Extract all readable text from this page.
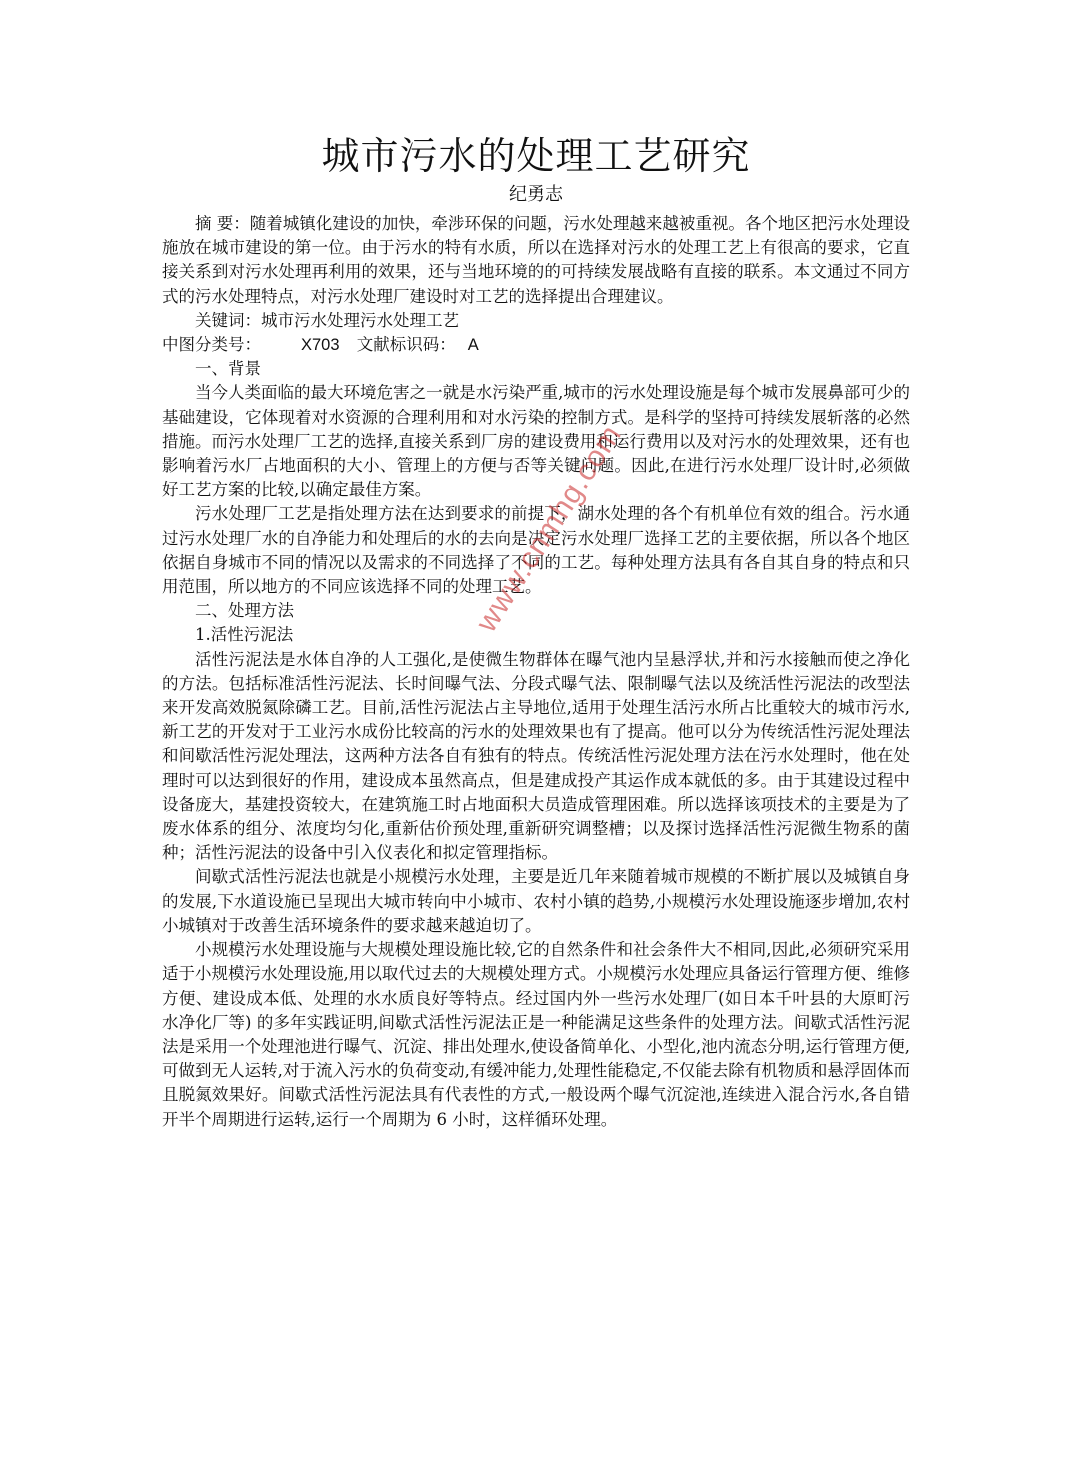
城市污水的处理工艺研究
纪勇志

摘 要：随着城镇化建设的加快，牵涉环保的问题，污水处理越来越被重视。各个地区把污水处理设施放在城市建设的第一位。由于污水的特有水质，所以在选择对污水的处理工艺上有很高的要求，它直接关系到对污水处理再利用的效果，还与当地环境的的可持续发展战略有直接的联系。本文通过不同方式的污水处理特点，对污水处理厂建设时对工艺的选择提出合理建议。

关键词：城市污水处理污水处理工艺

中图分类号： X703 文献标识码： A

一、背景

当今人类面临的最大环境危害之一就是水污染严重,城市的污水处理设施是每个城市发展鼻部可少的基础建设，它体现着对水资源的合理利用和对水污染的控制方式。是科学的坚持可持续发展斩落的必然措施。而污水处理厂工艺的选择,直接关系到厂房的建设费用和运行费用以及对污水的处理效果，还有也影响着污水厂占地面积的大小、管理上的方便与否等关键问题。因此,在进行污水处理厂设计时,必须做好工艺方案的比较,以确定最佳方案。

污水处理厂工艺是指处理方法在达到要求的前提下，湖水处理的各个有机单位有效的组合。污水通过污水处理厂水的自净能力和处理后的水的去向是决定污水处理厂选择工艺的主要依据，所以各个地区依据自身城市不同的情况以及需求的不同选择了不同的工艺。每种处理方法具有各自其自身的特点和只用范围，所以地方的不同应该选择不同的处理工艺。

二、处理方法

1.活性污泥法

活性污泥法是水体自净的人工强化,是使微生物群体在曝气池内呈悬浮状,并和污水接触而使之净化的方法。包括标准活性污泥法、长时间曝气法、分段式曝气法、限制曝气法以及统活性污泥法的改型法来开发高效脱氮除磷工艺。目前,活性污泥法占主导地位,适用于处理生活污水所占比重较大的城市污水,新工艺的开发对于工业污水成份比较高的污水的处理效果也有了提高。他可以分为传统活性污泥处理法和间歇活性污泥处理法，这两种方法各自有独有的特点。传统活性污泥处理方法在污水处理时，他在处理时可以达到很好的作用，建设成本虽然高点，但是建成投产其运作成本就低的多。由于其建设过程中设备庞大，基建投资较大，在建筑施工时占地面积大员造成管理困难。所以选择该项技术的主要是为了废水体系的组分、浓度均匀化,重新估价预处理,重新研究调整槽；以及探讨选择活性污泥微生物系的菌种；活性污泥法的设备中引入仪表化和拟定管理指标。

间歇式活性污泥法也就是小规模污水处理，主要是近几年来随着城市规模的不断扩展以及城镇自身的发展,下水道设施已呈现出大城市转向中小城市、农村小镇的趋势,小规模污水处理设施逐步增加,农村小城镇对于改善生活环境条件的要求越来越迫切了。

小规模污水处理设施与大规模处理设施比较,它的自然条件和社会条件大不相同,因此,必须研究采用适于小规模污水处理设施,用以取代过去的大规模处理方式。小规模污水处理应具备运行管理方便、维修方便、建设成本低、处理的水水质良好等特点。经过国内外一些污水处理厂(如日本千叶县的大原町污水净化厂等) 的多年实践证明,间歇式活性污泥法正是一种能满足这些条件的处理方法。间歇式活性污泥法是采用一个处理池进行曝气、沉淀、排出处理水,使设备简单化、小型化,池内流态分明,运行管理方便,可做到无人运转,对于流入污水的负荷变动,有缓冲能力,处理性能稳定,不仅能去除有机物质和悬浮固体而且脱氮效果好。间歇式活性污泥法具有代表性的方式,一般设两个曝气沉淀池,连续进入混合污水,各自错开半个周期进行运转,运行一个周期为 6 小时，这样循环处理。

www.cnmhg.com
